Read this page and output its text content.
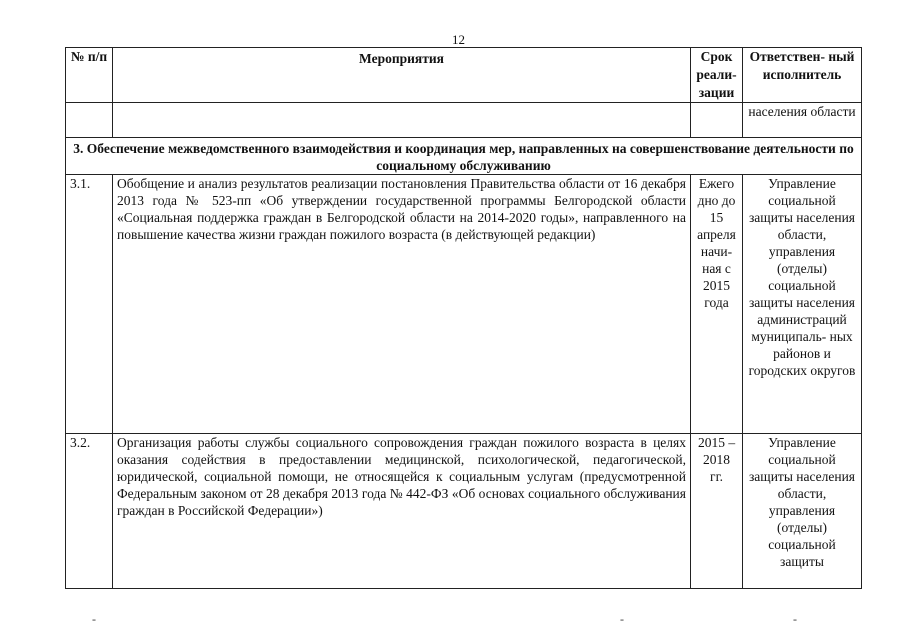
12
№ п/п	Мероприятия	Срок реали- зации	Ответствен- ный исполнитель
			населения области
3. Обеспечение межведомственного взаимодействия и координация мер, направленных на совершенствование деятельности по социальному обслуживанию			
3.1.	Обобщение и анализ результатов реализации постановления Правительства области от 16 декабря 2013 года № 523-пп «Об утверждении государственной программы Белгородской области «Социальная поддержка граждан в Белгородской области на 2014-2020 годы», направленного на повышение качества жизни граждан пожилого возраста (в действующей редакции)	Ежего дно до 15 апреля начи- ная с 2015 года	Управление социальной защиты населения области, управления (отделы) социальной защиты населения администраций муниципаль- ных районов и городских округов
3.2.	Организация работы службы социального сопровождения граждан пожилого возраста в целях оказания содействия в предоставлении медицинской, психологической, педагогической, юридической, социальной помощи, не относящейся к социальным услугам (предусмотренной Федеральным законом от 28 декабря 2013 года № 442-ФЗ «Об основах социального обслуживания граждан в Российской Федерации»)	2015 – 2018 гг.	Управление социальной защиты населения области, управления (отделы) социальной защиты
-	-	-
